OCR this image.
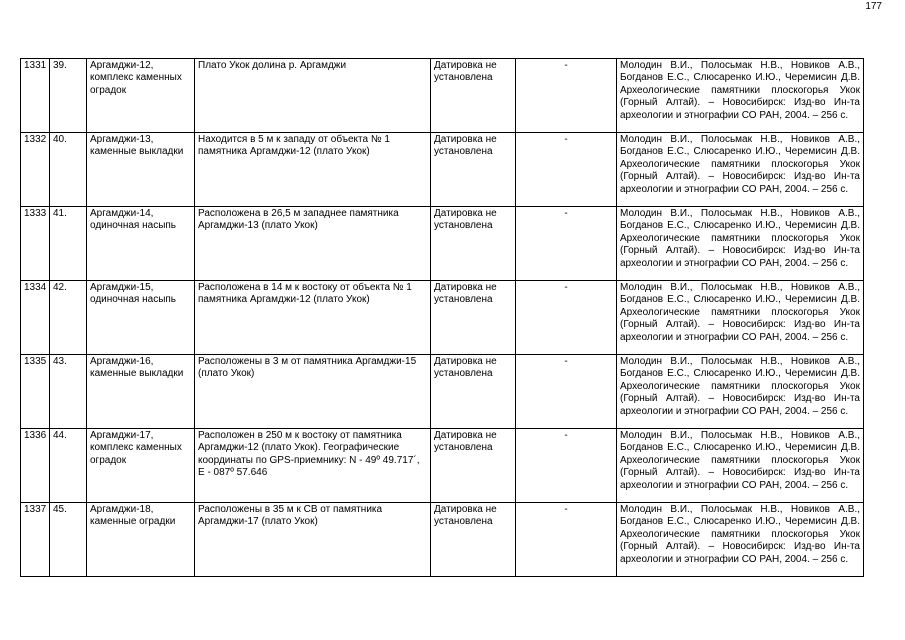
177
1331	39.	Аргамджи-12, комплекс каменных оградок	Плато Укок долина р. Аргамджи	Датировка не установлена	-	Молодин В.И., Полосьмак Н.В., Новиков А.В., Богданов Е.С., Слюсаренко И.Ю., Черемисин Д.В. Археологические памятники плоскогорья Укок (Горный Алтай). – Новосибирск: Изд-во Ин-та археологии и этнографии СО РАН, 2004. – 256 с.
1332	40.	Аргамджи-13, каменные выкладки	Находится в 5 м к западу от объекта № 1 памятника Аргамджи-12 (плато Укок)	Датировка не установлена	-	Молодин В.И., Полосьмак Н.В., Новиков А.В., Богданов Е.С., Слюсаренко И.Ю., Черемисин Д.В. Археологические памятники плоскогорья Укок (Горный Алтай). – Новосибирск: Изд-во Ин-та археологии и этнографии СО РАН, 2004. – 256 с.
1333	41.	Аргамджи-14, одиночная насыпь	Расположена в 26,5 м западнее памятника Аргамджи-13 (плато Укок)	Датировка не установлена	-	Молодин В.И., Полосьмак Н.В., Новиков А.В., Богданов Е.С., Слюсаренко И.Ю., Черемисин Д.В. Археологические памятники плоскогорья Укок (Горный Алтай). – Новосибирск: Изд-во Ин-та археологии и этнографии СО РАН, 2004. – 256 с.
1334	42.	Аргамджи-15, одиночная насыпь	Расположена в 14 м к востоку от объекта № 1 памятника Аргамджи-12 (плато Укок)	Датировка не установлена	-	Молодин В.И., Полосьмак Н.В., Новиков А.В., Богданов Е.С., Слюсаренко И.Ю., Черемисин Д.В. Археологические памятники плоскогорья Укок (Горный Алтай). – Новосибирск: Изд-во Ин-та археологии и этнографии СО РАН, 2004. – 256 с.
1335	43.	Аргамджи-16, каменные выкладки	Расположены в 3 м от памятника Аргамджи-15 (плато Укок)	Датировка не установлена	-	Молодин В.И., Полосьмак Н.В., Новиков А.В., Богданов Е.С., Слюсаренко И.Ю., Черемисин Д.В. Археологические памятники плоскогорья Укок (Горный Алтай). – Новосибирск: Изд-во Ин-та археологии и этнографии СО РАН, 2004. – 256 с.
1336	44.	Аргамджи-17, комплекс каменных оградок	Расположен в 250 м к востоку от памятника Аргамджи-12 (плато Укок). Географические координаты по GPS-приемнику: N - 49º 49.717´, E - 087º 57.646	Датировка не установлена	-	Молодин В.И., Полосьмак Н.В., Новиков А.В., Богданов Е.С., Слюсаренко И.Ю., Черемисин Д.В. Археологические памятники плоскогорья Укок (Горный Алтай). – Новосибирск: Изд-во Ин-та археологии и этнографии СО РАН, 2004. – 256 с.
1337	45.	Аргамджи-18, каменные оградки	Расположены в 35 м к СВ от памятника Аргамджи-17 (плато Укок)	Датировка не установлена	-	Молодин В.И., Полосьмак Н.В., Новиков А.В., Богданов Е.С., Слюсаренко И.Ю., Черемисин Д.В. Археологические памятники плоскогорья Укок (Горный Алтай). – Новосибирск: Изд-во Ин-та археологии и этнографии СО РАН, 2004. – 256 с.
